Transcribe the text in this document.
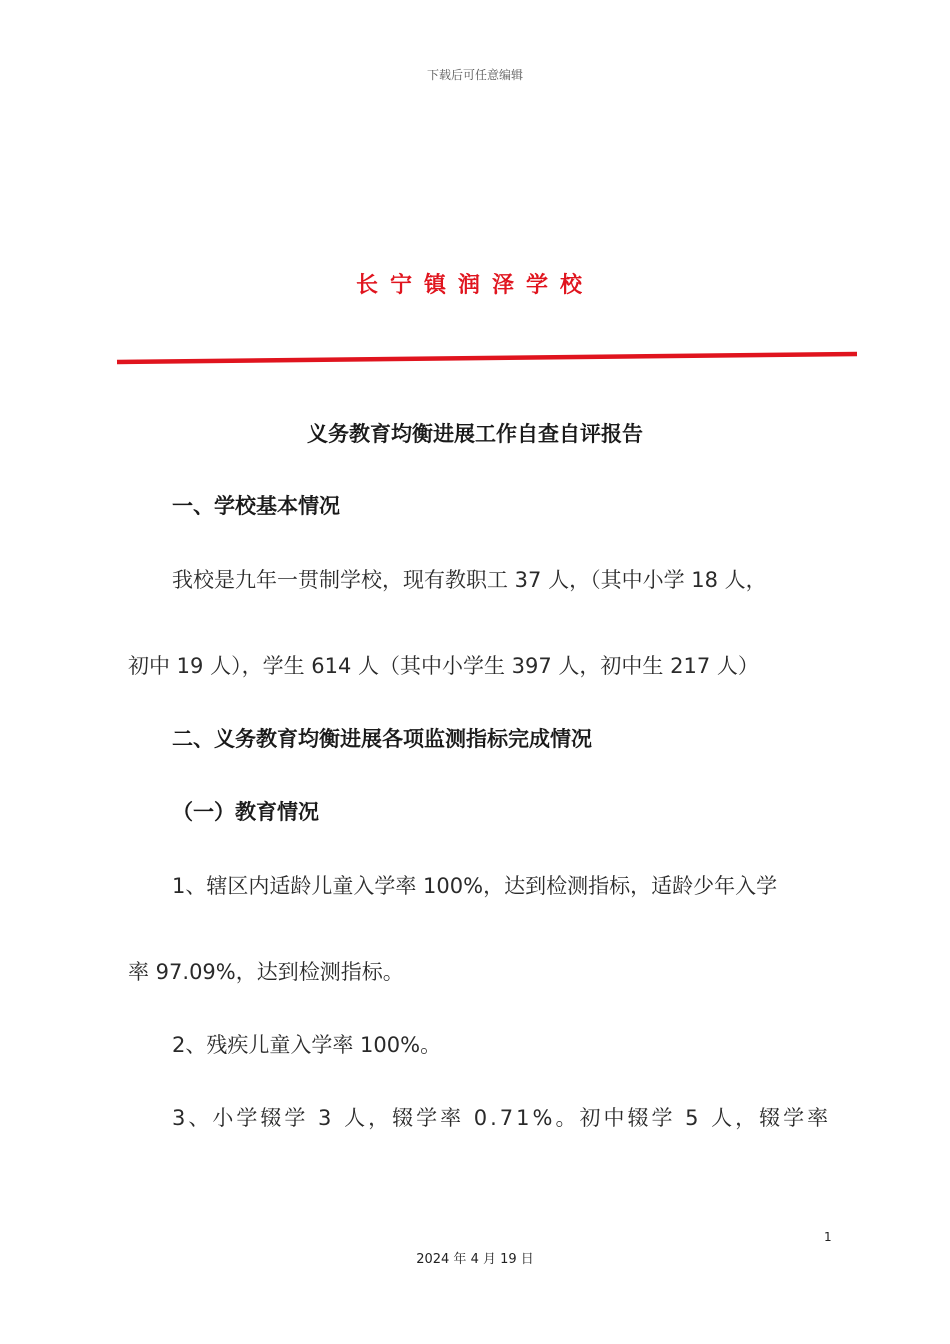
下载后可任意编辑
长宁镇润泽学校
义务教育均衡进展工作自查自评报告
一、学校基本情况
我校是九年一贯制学校，现有教职工 37 人，（其中小学 18 人，
初中 19 人），学生 614 人（其中小学生 397 人，初中生 217 人）
二、义务教育均衡进展各项监测指标完成情况
（一）教育情况
1、辖区内适龄儿童入学率 100%，达到检测指标，适龄少年入学
率 97.09%，达到检测指标。
2、残疾儿童入学率 100%。
3、小学辍学 3 人，辍学率 0.71%。初中辍学 5 人，辍学率
1
2024 年 4 月 19 日
